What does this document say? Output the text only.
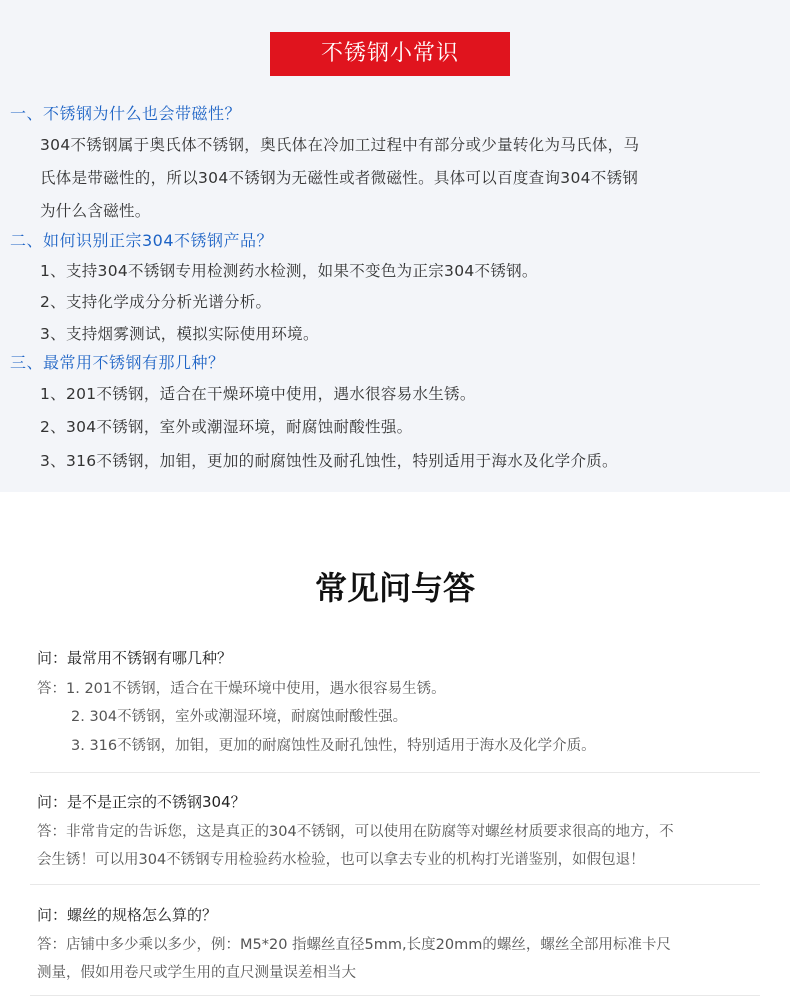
不锈钢小常识
一、不锈钢为什么也会带磁性？
304不锈钢属于奥氏体不锈钢，奥氏体在冷加工过程中有部分或少量转化为马氏体，马
氏体是带磁性的，所以304不锈钢为无磁性或者微磁性。具体可以百度查询304不锈钢
为什么含磁性。
二、如何识别正宗304不锈钢产品？
1、支持304不锈钢专用检测药水检测，如果不变色为正宗304不锈钢。
2、支持化学成分分析光谱分析。
3、支持烟雾测试，模拟实际使用环境。
三、最常用不锈钢有那几种？
1、201不锈钢，适合在干燥环境中使用，遇水很容易水生锈。
2、304不锈钢，室外或潮湿环境，耐腐蚀耐酸性强。
3、316不锈钢，加钼，更加的耐腐蚀性及耐孔蚀性，特别适用于海水及化学介质。
常见问与答
问：最常用不锈钢有哪几种？
答：1. 201不锈钢，适合在干燥环境中使用，遇水很容易生锈。
2. 304不锈钢，室外或潮湿环境，耐腐蚀耐酸性强。
3. 316不锈钢，加钼，更加的耐腐蚀性及耐孔蚀性，特别适用于海水及化学介质。
问：是不是正宗的不锈钢304？
答：非常肯定的告诉您，这是真正的304不锈钢，可以使用在防腐等对螺丝材质要求很高的地方，不
会生锈！可以用304不锈钢专用检验药水检验，也可以拿去专业的机构打光谱鉴别，如假包退！
问：螺丝的规格怎么算的？
答：店铺中多少乘以多少，例：M5*20 指螺丝直径5mm,长度20mm的螺丝，螺丝全部用标准卡尺
测量，假如用卷尺或学生用的直尺测量误差相当大
